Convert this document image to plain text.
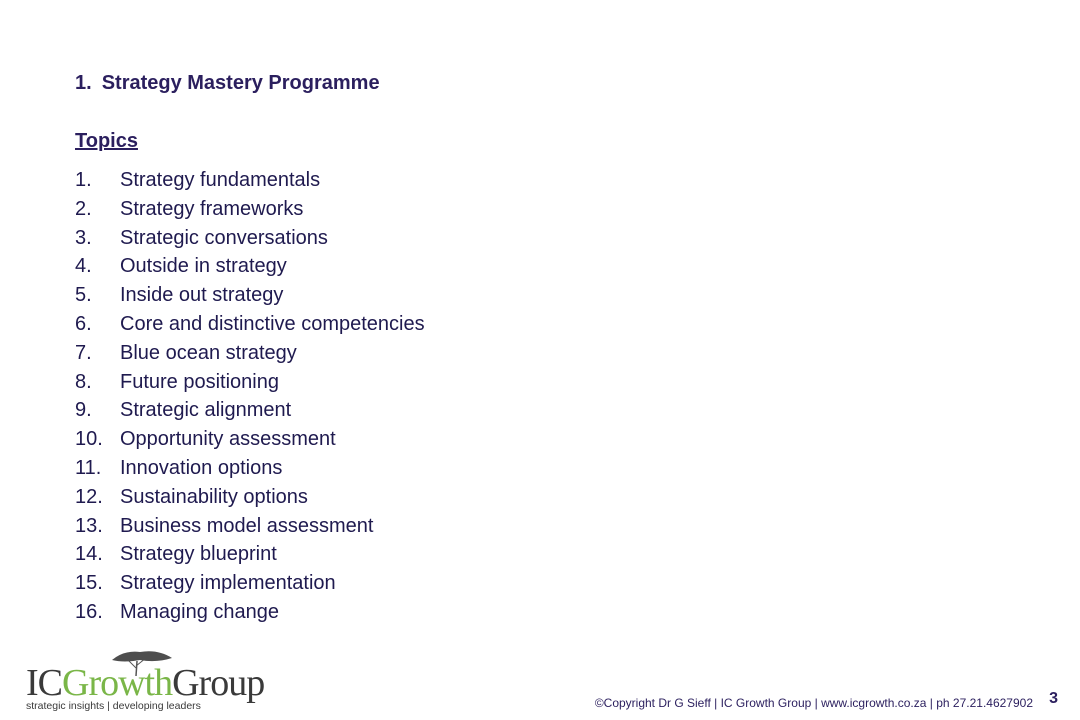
1. Strategy Mastery Programme
Topics
1.	Strategy fundamentals
2.	Strategy frameworks
3.	Strategic conversations
4.	Outside in strategy
5.	Inside out strategy
6.	Core and distinctive competencies
7.	Blue ocean strategy
8.	Future positioning
9.	Strategic alignment
10. Opportunity assessment
11. Innovation options
12. Sustainability options
13. Business model assessment
14. Strategy blueprint
15. Strategy implementation
16. Managing change
ICGrowthGroup
strategic insights | developing leaders	©Copyright Dr G Sieff | IC Growth Group | www.icgrowth.co.za | ph 27.21.4627902 3
